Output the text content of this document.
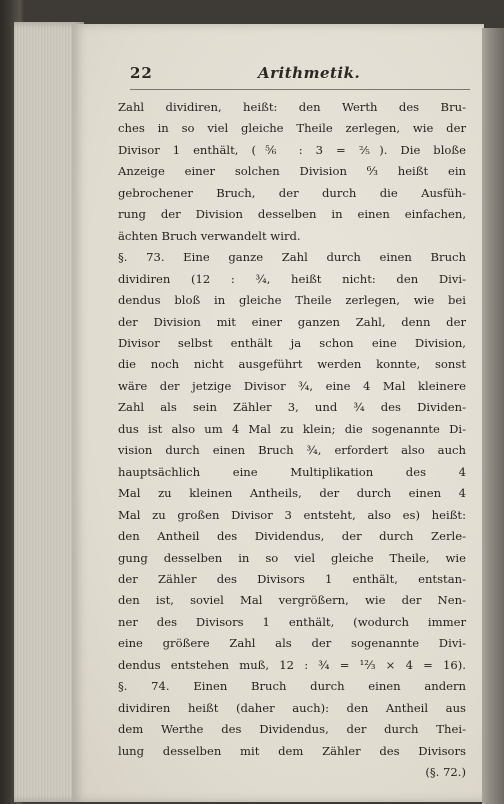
22	Arithmetik.
Zahl dividiren, heißt: den Werth des Bru-
ches in so viel gleiche Theile zerlegen, wie der
Divisor 1 enthält, (⅚ : 3 = ⅖). Die bloße
Anzeige einer solchen Division ⁶⁄₃ heißt ein
gebrochener Bruch, der durch die Ausfüh-
rung der Division desselben in einen einfachen,
ächten Bruch verwandelt wird.
§. 73. Eine ganze Zahl durch einen Bruch
dividiren (12 : ¾, heißt nicht: den Divi-
dendus bloß in gleiche Theile zerlegen, wie bei
der Division mit einer ganzen Zahl, denn der
Divisor selbst enthält ja schon eine Division,
die noch nicht ausgeführt werden konnte, sonst
wäre der jetzige Divisor ¾, eine 4 Mal kleinere
Zahl als sein Zähler 3, und ¾ des Dividen-
dus ist also um 4 Mal zu klein; die sogenannte Di-
vision durch einen Bruch ¾, erfordert also auch
hauptsächlich eine Multiplikation des 4
Mal zu kleinen Antheils, der durch einen 4
Mal zu großen Divisor 3 entsteht, also es) heißt:
den Antheil des Dividendus, der durch Zerle-
gung desselben in so viel gleiche Theile, wie
der Zähler des Divisors 1 enthält, entstan-
den ist, soviel Mal vergrößern, wie der Nen-
ner des Divisors 1 enthält, (wodurch immer
eine größere Zahl als der sogenannte Divi-
dendus entstehen muß, 12 : ¾ = ¹²⁄₃ × 4 = 16).
§. 74. Einen Bruch durch einen andern
dividiren heißt (daher auch): den Antheil aus
dem Werthe des Dividendus, der durch Thei-
lung desselben mit dem Zähler des Divisors
(§. 72.)
